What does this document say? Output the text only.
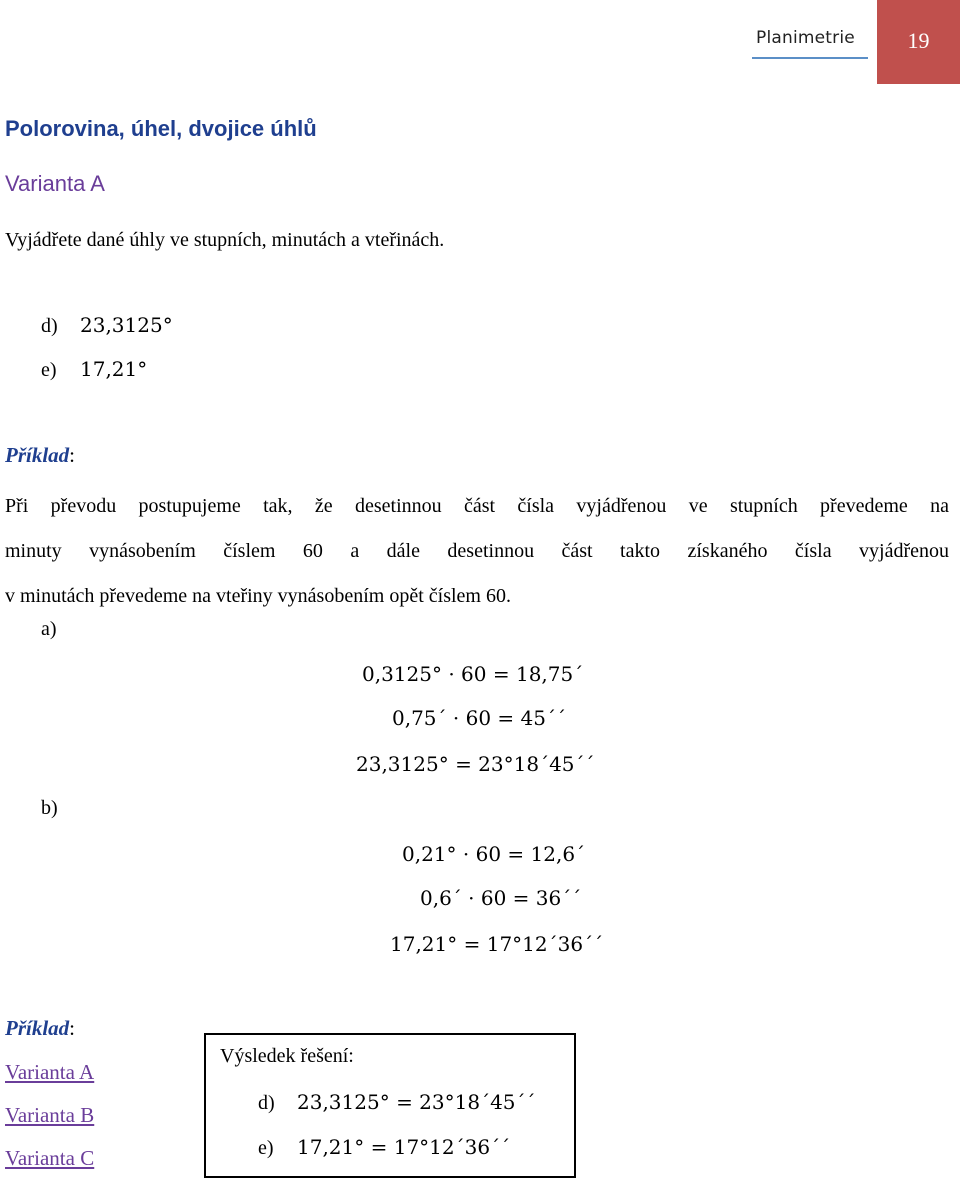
Planimetrie	19
Polorovina, úhel, dvojice úhlů
Varianta A
Vyjádřete dané úhly ve stupních, minutách a vteřinách.
d) 23,3125°
e) 17,21°
Příklad:
Při převodu postupujeme tak, že desetinnou část čísla vyjádřenou ve stupních převedeme na
minuty vynásobením číslem 60 a dále desetinnou část takto získaného čísla vyjádřenou
v minutách převedeme na vteřiny vynásobením opět číslem 60.
a)
0,3125° · 60 = 18,75´
0,75´ · 60 = 45´´
23,3125° = 23°18´45´´
b)
0,21° · 60 = 12,6´
0,6´ · 60 = 36´´
17,21° = 17°12´36´´
Příklad:
Varianta A
Varianta B
Varianta C
Výsledek řešení:
d) 23,3125° = 23°18´45´´
e) 17,21° = 17°12´36´´
